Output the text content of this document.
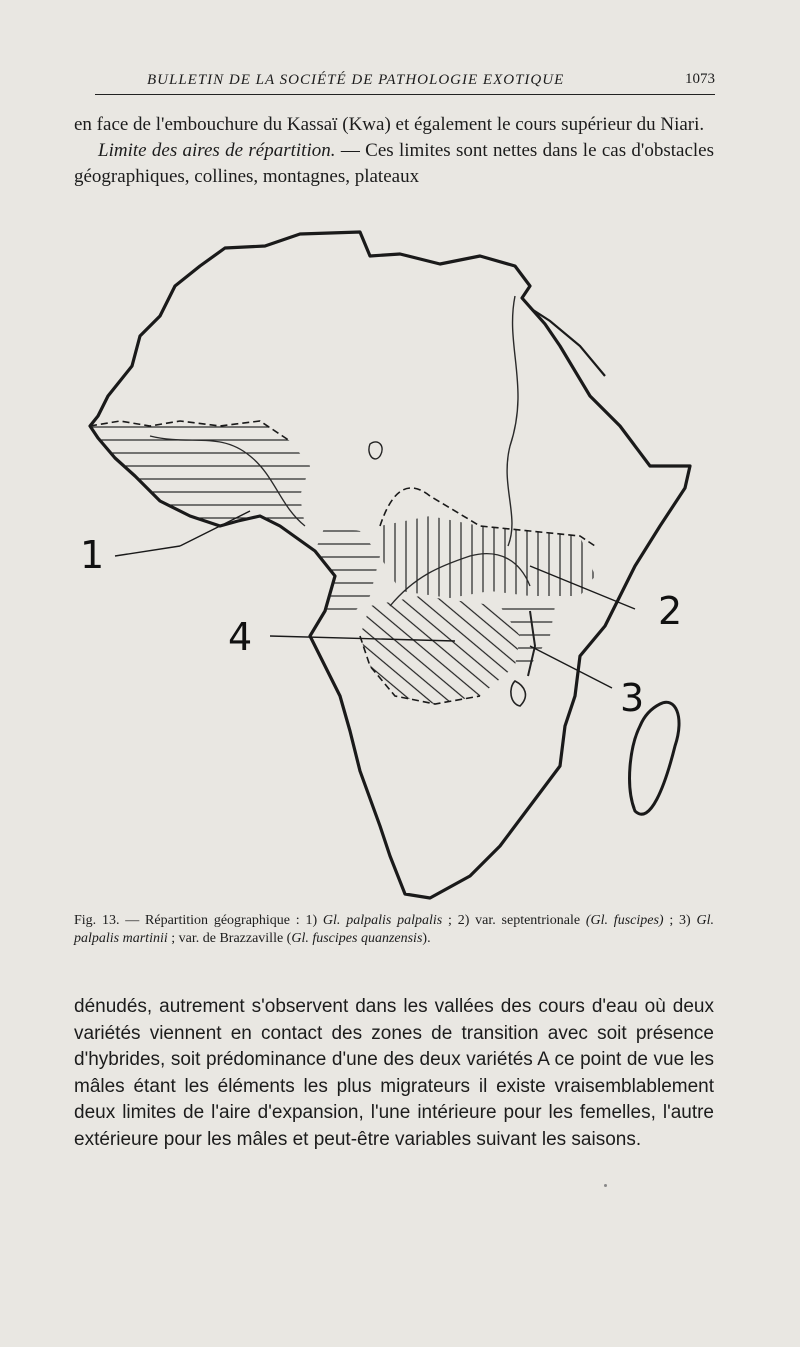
BULLETIN DE LA SOCIÉTÉ DE PATHOLOGIE EXOTIQUE	1073

en face de l'embouchure du Kassaï (Kwa) et également le cours supérieur du Niari.

Limite des aires de répartition. — Ces limites sont nettes dans le cas d'obstacles géographiques, collines, montagnes, plateaux

1
2
3
4
Fig. 13. — Répartition géographique : 1) Gl. palpalis palpalis ; 2) var. septentrionale (Gl. fuscipes) ; 3) Gl. palpalis martinii ; var. de Brazzaville (Gl. fuscipes quanzensis).
dénudés, autrement s'observent dans les vallées des cours d'eau où deux variétés viennent en contact des zones de transition avec soit présence d'hybrides, soit prédominance d'une des deux variétés A ce point de vue les mâles étant les éléments les plus migrateurs il existe vraisemblablement deux limites de l'aire d'expansion, l'une intérieure pour les femelles, l'autre extérieure pour les mâles et peut-être variables suivant les saisons.
